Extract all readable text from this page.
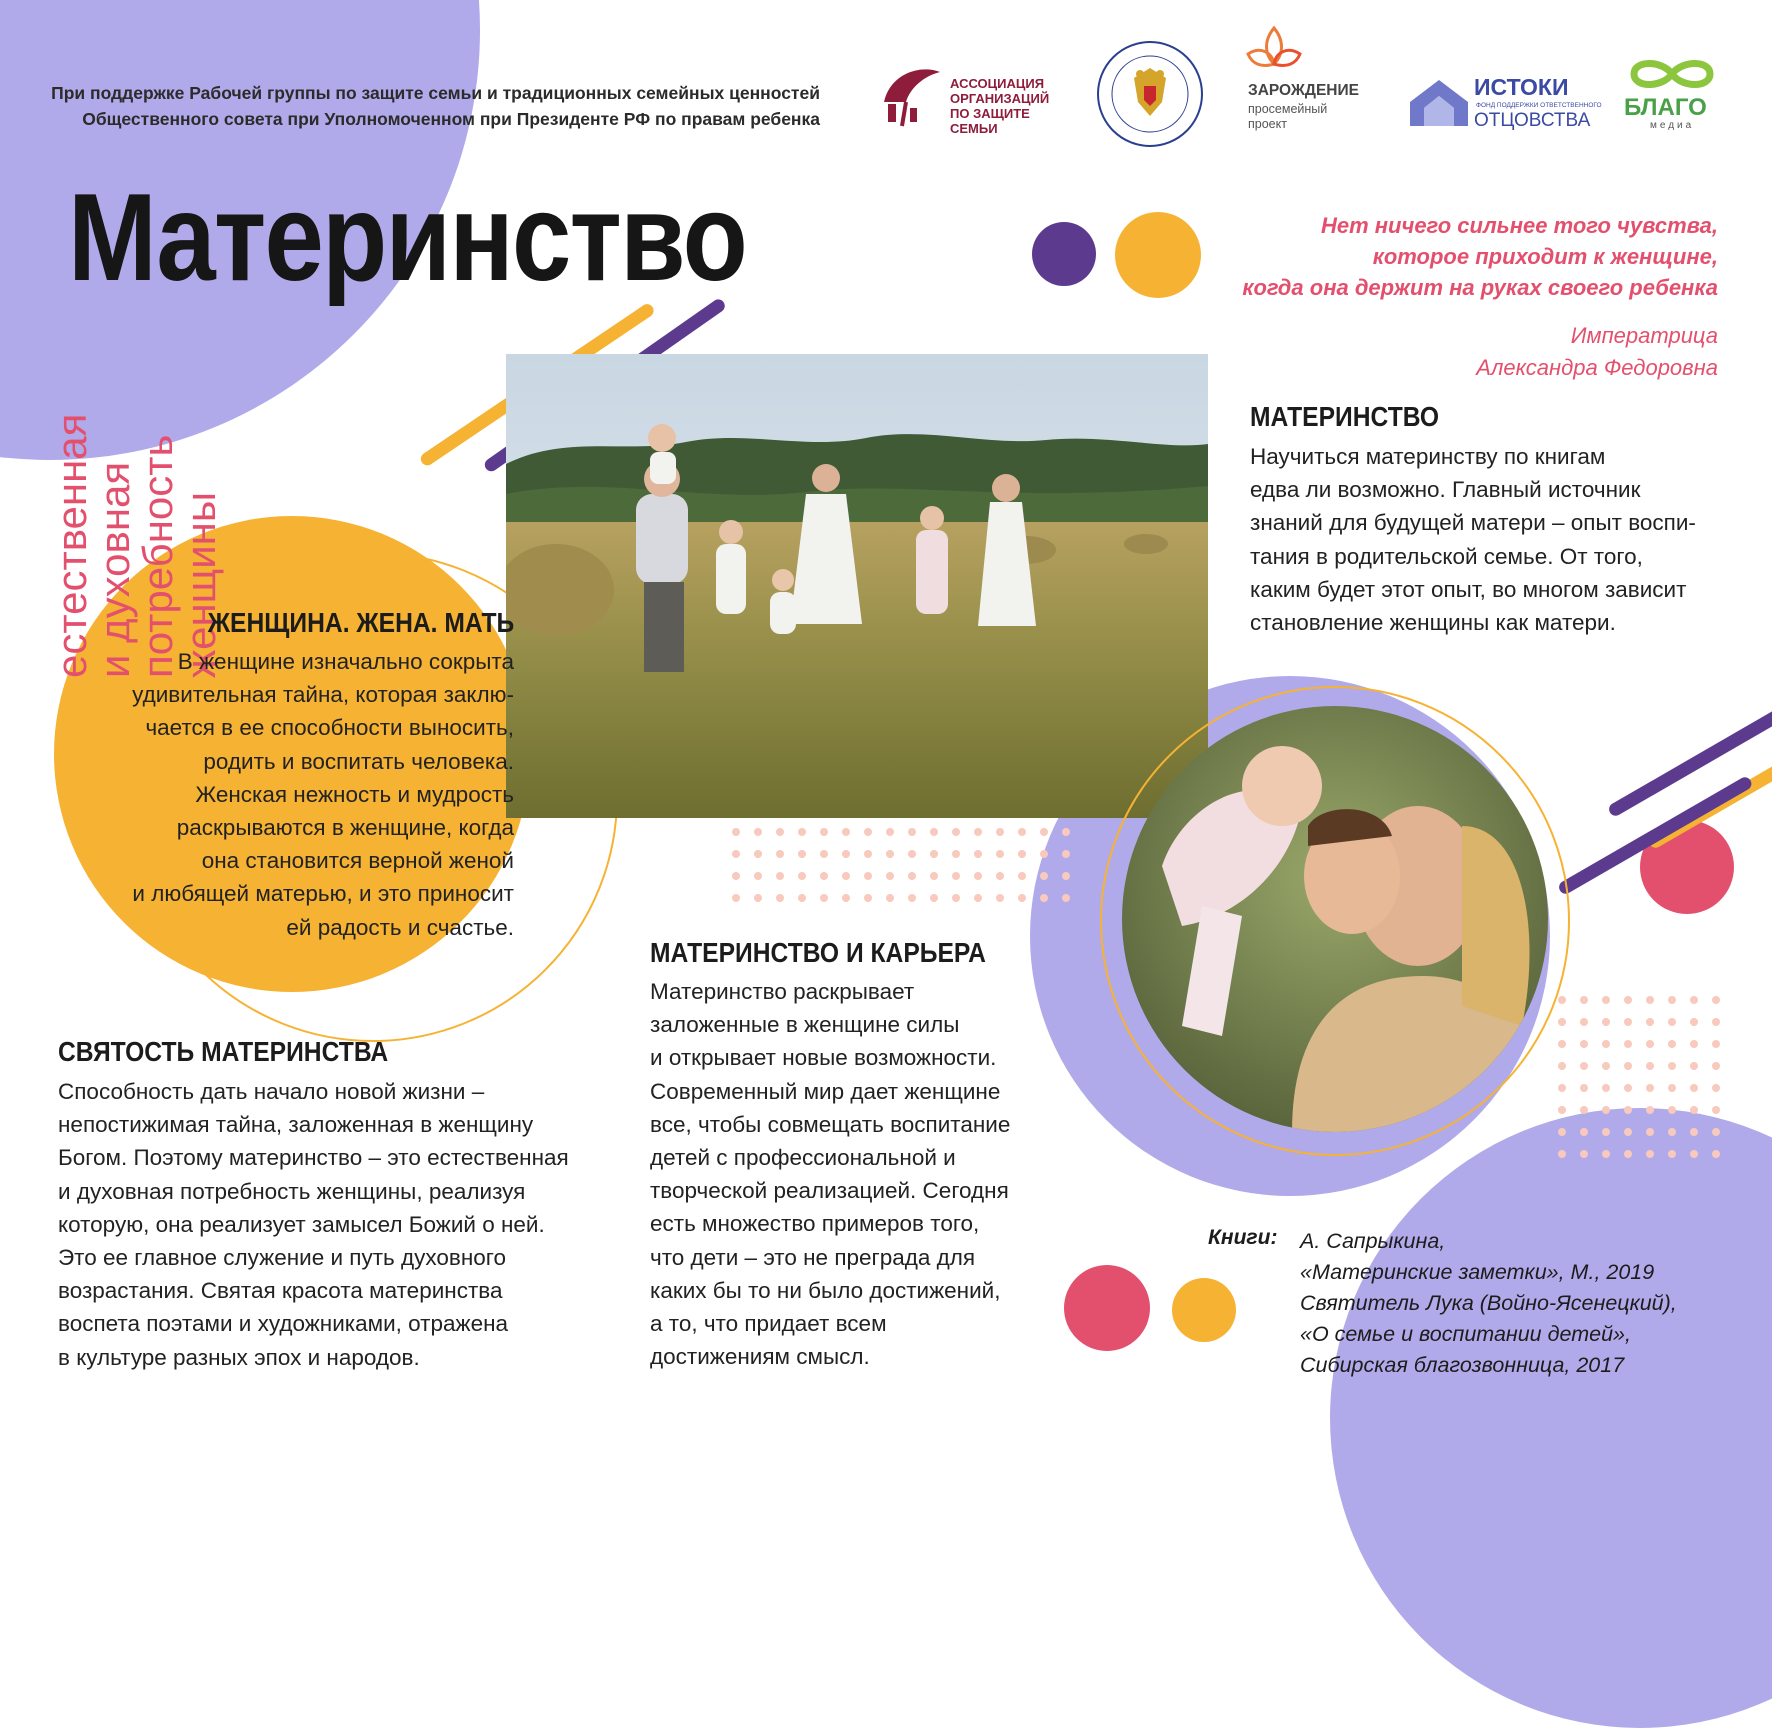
При поддержке Рабочей группы по защите семьи и традиционных семейных ценностей
Общественного совета при Уполномоченном при Президенте РФ по правам ребенка
АССОЦИАЦИЯ
ОРГАНИЗАЦИЙ
ПО ЗАЩИТЕ СЕМЬИ
ЗАРОЖДЕНИЕ
просемейный
проект
ИСТОКИ
ФОНД ПОДДЕРЖКИ ОТВЕТСТВЕННОГО
ОТЦОВСТВА БЛАГО
медиа
Материнство
естественная
и духовная
потребность
женщины
Нет ничего сильнее того чувства,
которое приходит к женщине,
когда она держит на руках своего ребенка
Императрица
Александра Федоровна
ЖЕНЩИНА. ЖЕНА. МАТЬ
В женщине изначально сокрыта
удивительная тайна, которая заклю-
чается в ее способности выносить,
родить и воспитать человека.
Женская нежность и мудрость
раскрываются в женщине, когда
она становится верной женой
и любящей матерью, и это приносит
ей радость и счастье.
МАТЕРИНСТВО
Научиться материнству по книгам
едва ли возможно. Главный источник
знаний для будущей матери – опыт воспи-
тания в родительской семье. От того,
каким будет этот опыт, во многом зависит
становление женщины как матери.
СВЯТОСТЬ МАТЕРИНСТВА
Способность дать начало новой жизни –
непостижимая тайна, заложенная в женщину
Богом. Поэтому материнство – это естественная
и духовная потребность женщины, реализуя
которую, она реализует замысел Божий о ней.
Это ее главное служение и путь духовного
возрастания. Святая красота материнства
воспета поэтами и художниками, отражена
в культуре разных эпох и народов.
МАТЕРИНСТВО И КАРЬЕРА
Материнство раскрывает
заложенные в женщине силы
и открывает новые возможности.
Современный мир дает женщине
все, чтобы совмещать воспитание
детей с профессиональной и
творческой реализацией. Сегодня
есть множество примеров того,
что дети – это не преграда для
каких бы то ни было достижений,
а то, что придает всем
достижениям смысл.
Книги: А. Сапрыкина,
«Материнские заметки», М., 2019
Святитель Лука (Войно-Ясенецкий),
«О семье и воспитании детей»,
Сибирская благозвонница, 2017
